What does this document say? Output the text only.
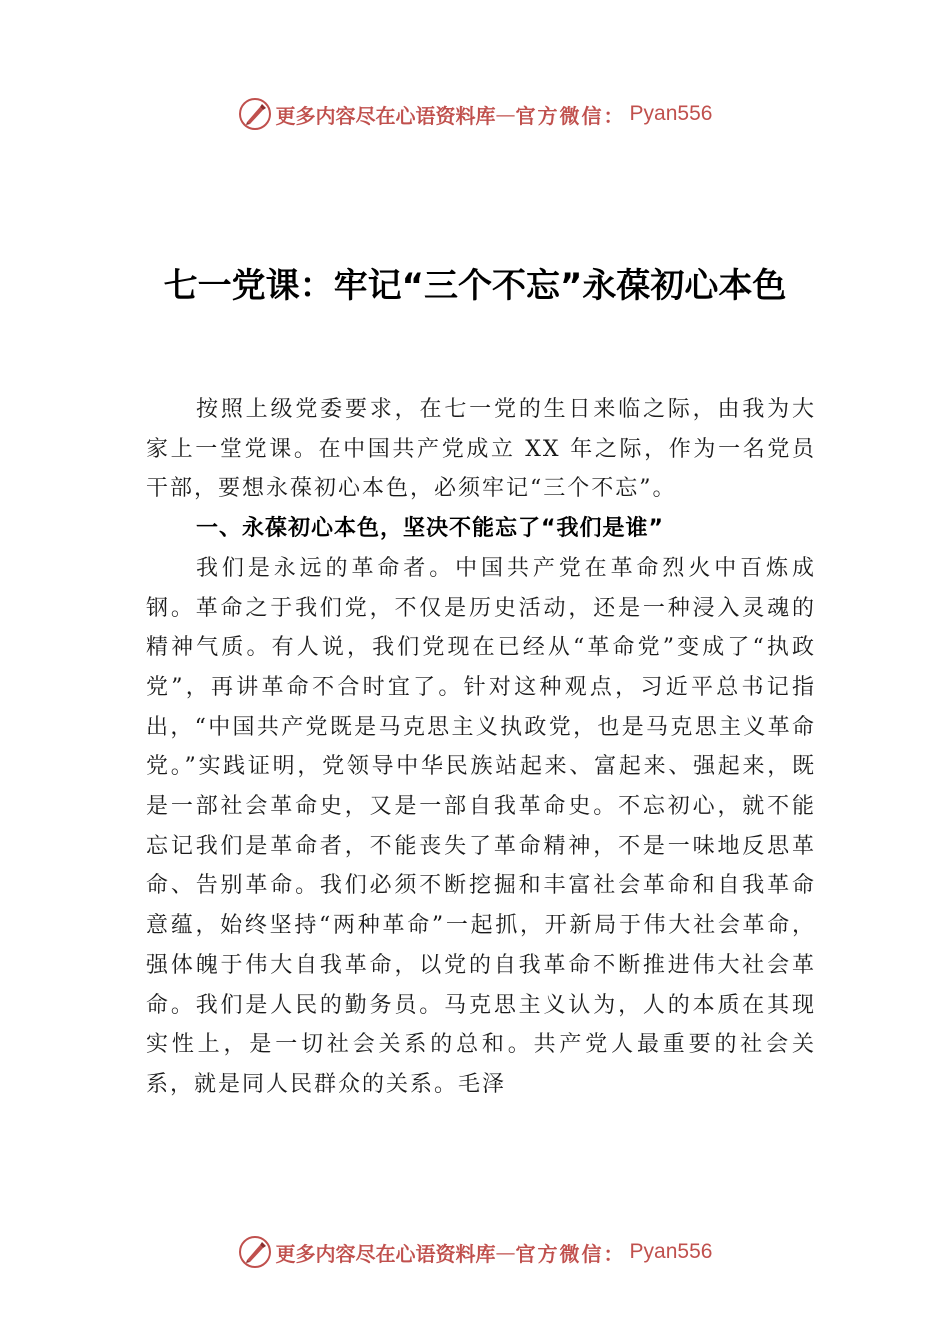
更多内容尽在心语资料库 — 官方微信： Pyan556
七一党课：牢记“三个不忘”永葆初心本色

按照上级党委要求，在七一党的生日来临之际，由我为大家上一堂党课。在中国共产党成立 XX 年之际，作为一名党员干部，要想永葆初心本色，必须牢记“三个不忘”。

一、永葆初心本色，坚决不能忘了“我们是谁”

我们是永远的革命者。中国共产党在革命烈火中百炼成钢。革命之于我们党，不仅是历史活动，还是一种浸入灵魂的精神气质。有人说，我们党现在已经从“革命党”变成了“执政党”，再讲革命不合时宜了。针对这种观点，习近平总书记指出，“中国共产党既是马克思主义执政党，也是马克思主义革命党。”实践证明，党领导中华民族站起来、富起来、强起来，既是一部社会革命史，又是一部自我革命史。不忘初心，就不能忘记我们是革命者，不能丧失了革命精神，不是一味地反思革命、告别革命。我们必须不断挖掘和丰富社会革命和自我革命意蕴，始终坚持“两种革命”一起抓，开新局于伟大社会革命，强体魄于伟大自我革命，以党的自我革命不断推进伟大社会革命。我们是人民的勤务员。马克思主义认为，人的本质在其现实性上，是一切社会关系的总和。共产党人最重要的社会关系，就是同人民群众的关系。毛泽

更多内容尽在心语资料库 — 官方微信： Pyan556
